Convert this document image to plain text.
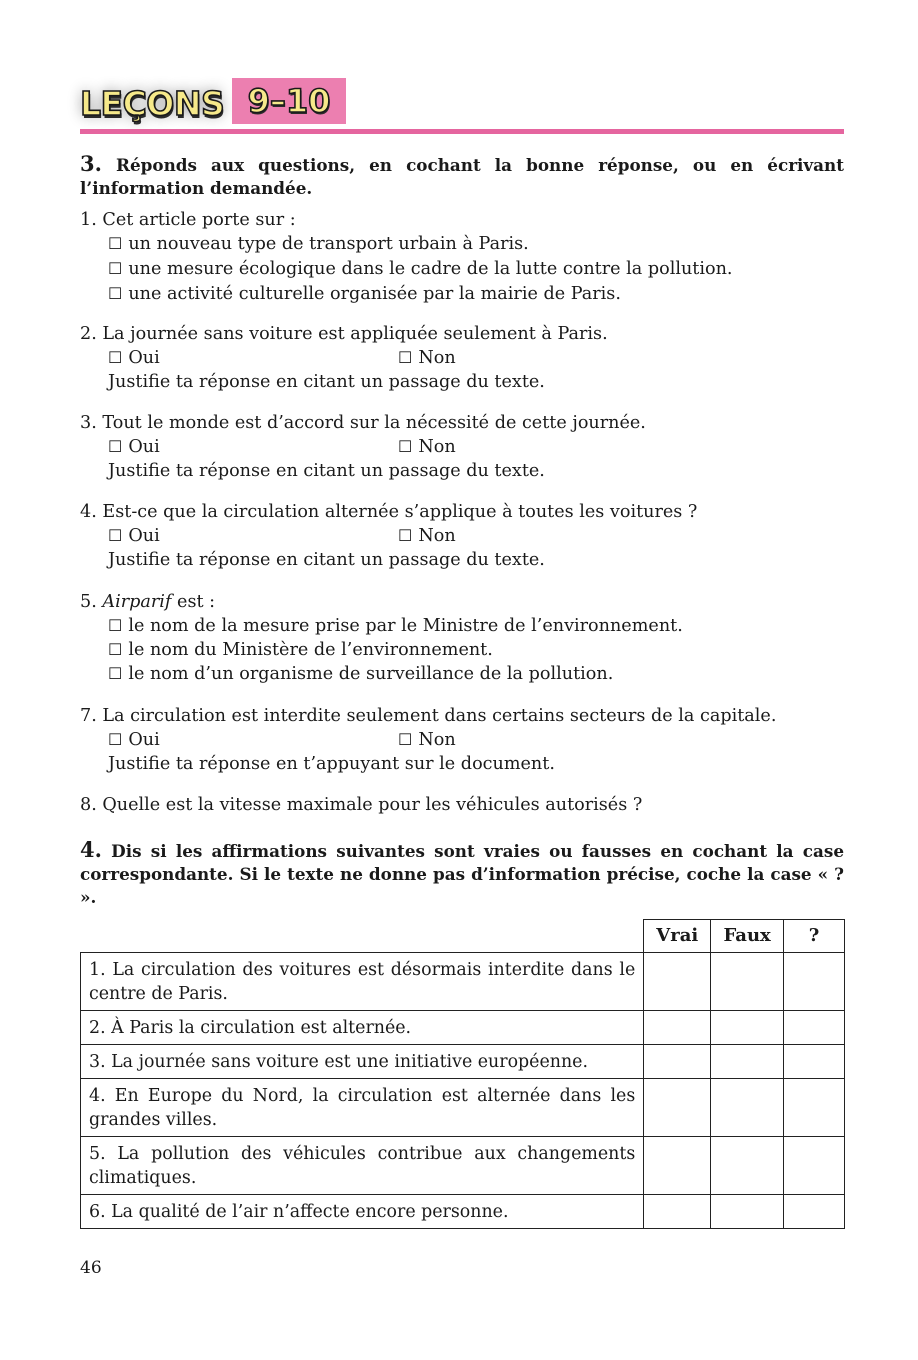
LEÇONS 9–10
3. Réponds aux questions, en cochant la bonne réponse, ou en écrivant l’information demandée.
1. Cet article porte sur :
☐ un nouveau type de transport urbain à Paris.
☐ une mesure écologique dans le cadre de la lutte contre la pollution.
☐ une activité culturelle organisée par la mairie de Paris.
2. La journée sans voiture est appliquée seulement à Paris.
☐ Oui	☐ Non
Justifie ta réponse en citant un passage du texte.
3. Tout le monde est d’accord sur la nécessité de cette journée.
☐ Oui	☐ Non
Justifie ta réponse en citant un passage du texte.
4. Est-ce que la circulation alternée s’applique à toutes les voitures ?
☐ Oui	☐ Non
Justifie ta réponse en citant un passage du texte.
5. Airparif est :
☐ le nom de la mesure prise par le Ministre de l’environnement.
☐ le nom du Ministère de l’environnement.
☐ le nom d’un organisme de surveillance de la pollution.
7. La circulation est interdite seulement dans certains secteurs de la capitale.
☐ Oui	☐ Non
Justifie ta réponse en t’appuyant sur le document.
8. Quelle est la vitesse maximale pour les véhicules autorisés ?
4. Dis si les affirmations suivantes sont vraies ou fausses en cochant la case correspondante. Si le texte ne donne pas d’information précise, coche la case « ? ».
	Vrai	Faux	?
1. La circulation des voitures est désormais interdite dans le centre de Paris.			
2. À Paris la circulation est alternée.			
3. La journée sans voiture est une initiative européenne.			
4. En Europe du Nord, la circulation est alternée dans les grandes villes.			
5. La pollution des véhicules contribue aux changements climatiques.			
6. La qualité de l’air n’affecte encore personne.			
46
